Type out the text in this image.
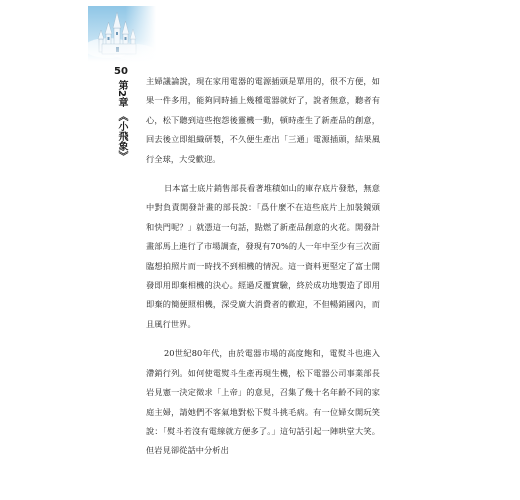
50
第2章
《小飛象》

主婦議論說，現在家用電器的電源插頭是單用的，很不方便，如果一件多用，能夠同時插上幾種電器就好了，說者無意，聽者有心，松下聽到這些抱怨後靈機一動，頓時產生了新產品的創意，回去後立即組織研製，不久便生產出「三通」電源插頭，結果風行全球，大受歡迎。

日本富士底片銷售部長看著堆積如山的庫存底片發愁，無意中對負責開發計畫的部長說：「爲什麼不在這些底片上加裝鏡頭和快門呢？」就憑這一句話，點燃了新產品創意的火花。開發計畫部馬上進行了市場調查，發現有70%的人一年中至少有三次面臨想拍照片而一時找不到相機的情況。這一資料更堅定了富士開發即用即棄相機的決心。經過反覆實驗，終於成功地製造了即用即棄的簡便照相機，深受廣大消費者的歡迎，不但暢銷國內，而且風行世界。

20世紀80年代，由於電器市場的高度飽和，電熨斗也進入滯銷行列。如何使電熨斗生產再現生機，松下電器公司事業部長岩見憲一決定徵求「上帝」的意見，召集了幾十名年齡不同的家庭主婦，請她們不客氣地對松下熨斗挑毛病。有一位婦女開玩笑說：「熨斗若沒有電線就方便多了。」這句話引起一陣哄堂大笑。但岩見卻從話中分析出
